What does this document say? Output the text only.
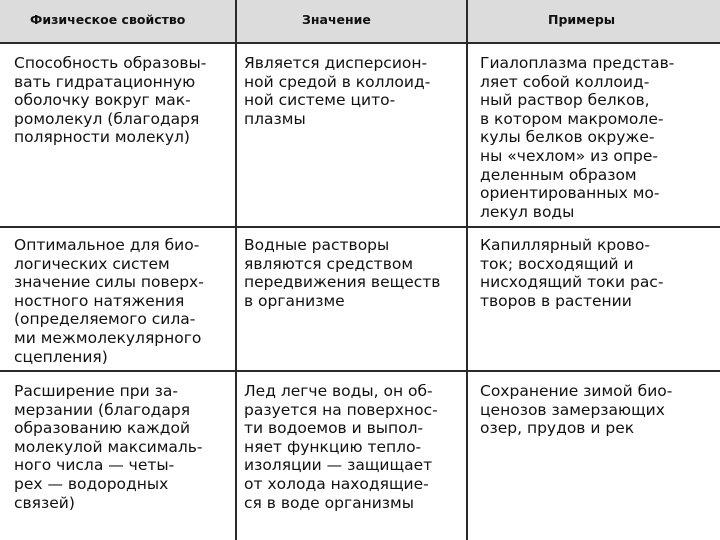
Физическое свойство	Значение	Примеры
Способность образовы-
вать гидратационную
оболочку вокруг мак-
ромолекул (благодаря
полярности молекул)
Является дисперсион-
ной средой в коллоид-
ной системе цито-
плазмы
Гиалоплазма представ-
ляет собой коллоид-
ный раствор белков,
в котором макромоле-
кулы белков окруже-
ны «чехлом» из опре-
деленным образом
ориентированных мо-
лекул воды
Оптимальное для био-
логических систем
значение силы поверх-
ностного натяжения
(определяемого сила-
ми межмолекулярного
сцепления)
Водные растворы
являются средством
передвижения веществ
в организме
Капиллярный крово-
ток; восходящий и
нисходящий токи рас-
творов в растении
Расширение при за-
мерзании (благодаря
образованию каждой
молекулой максималь-
ного числа — четы-
рех — водородных
связей)
Лед легче воды, он об-
разуется на поверхнос-
ти водоемов и выпол-
няет функцию тепло-
изоляции — защищает
от холода находящие-
ся в воде организмы
Сохранение зимой био-
ценозов замерзающих
озер, прудов и рек
